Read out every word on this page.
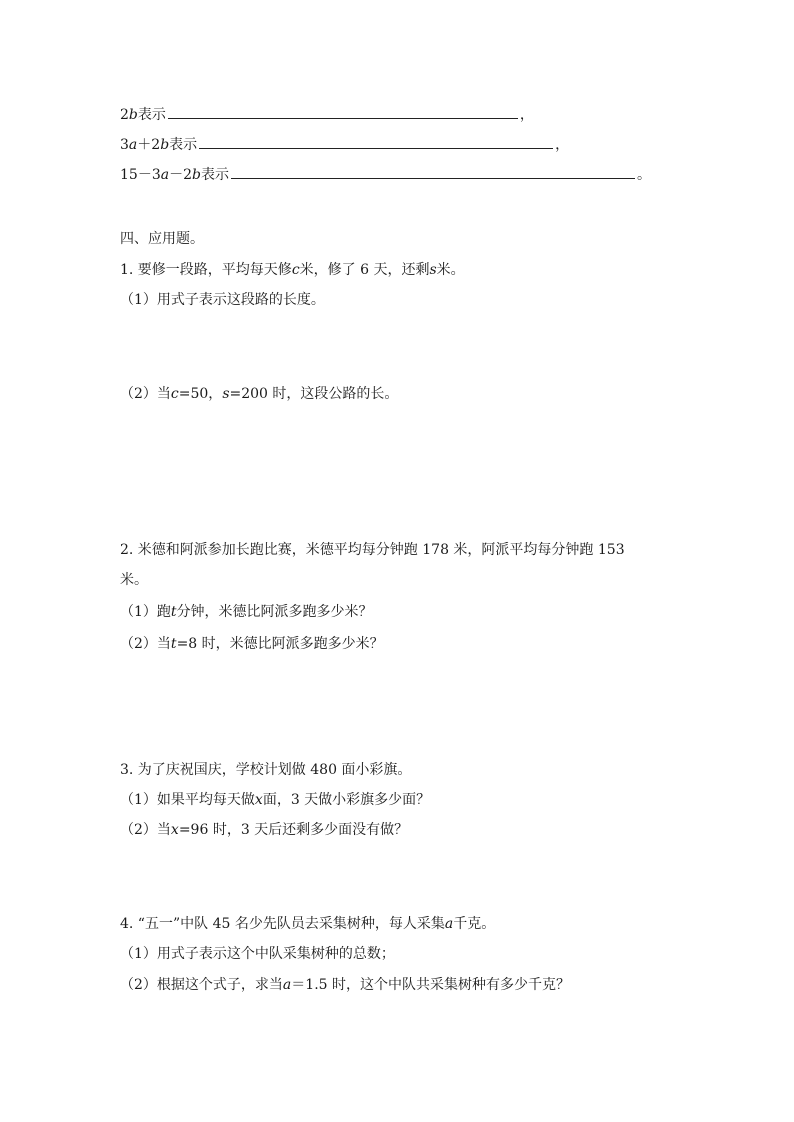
2b表示	，
3a＋2b表示	，
15－3a－2b表示	。
四、应用题。
1. 要修一段路，平均每天修c米，修了 6 天，还剩s米。
（1）用式子表示这段路的长度。
（2）当c=50，s=200 时，这段公路的长。
2. 米德和阿派参加长跑比赛，米德平均每分钟跑 178 米，阿派平均每分钟跑 153
米。
（1）跑t分钟，米德比阿派多跑多少米？
（2）当t=8 时，米德比阿派多跑多少米？
3. 为了庆祝国庆，学校计划做 480 面小彩旗。
（1）如果平均每天做x面，3 天做小彩旗多少面？
（2）当x=96 时，3 天后还剩多少面没有做？
4. “五一”中队 45 名少先队员去采集树种，每人采集a千克。
（1）用式子表示这个中队采集树种的总数；
（2）根据这个式子，求当a＝1.5 时，这个中队共采集树种有多少千克？
